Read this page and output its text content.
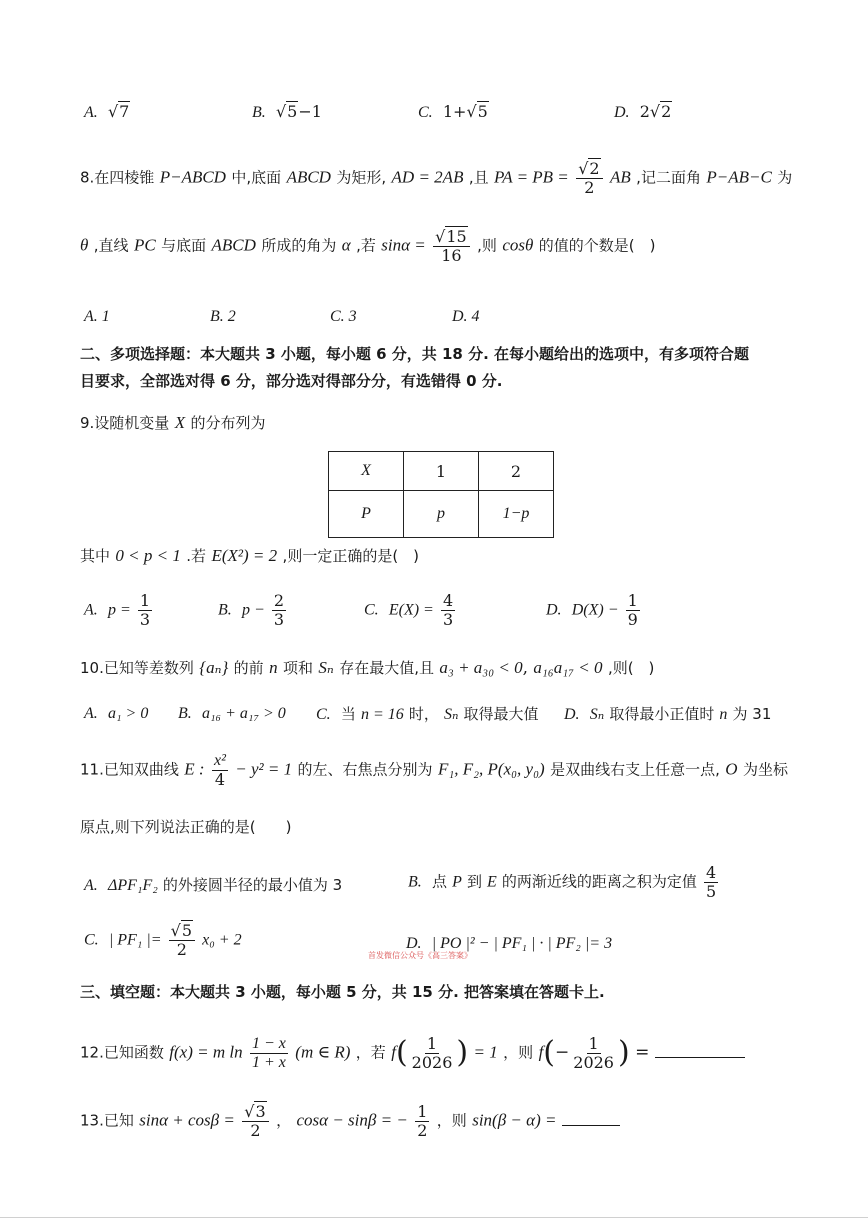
A. √7	B. √5−1	C. 1+√5	D. 2√2
8.在四棱锥 P−ABCD 中,底面 ABCD 为矩形, AD = 2AB ,且 PA = PB = $\frac{√2}{2}$ AB ,记二面角 P−AB−C 为
θ ,直线 PC 与底面 ABCD 所成的角为 α ,若 $\sin\alpha = \frac{√15}{16}$ ,则 cosθ 的值的个数是(　)
A. 1	B. 2	C. 3	D. 4
二、多项选择题：本大题共 3 小题，每小题 6 分，共 18 分. 在每小题给出的选项中，有多项符合题
目要求，全部选对得 6 分，部分选对得部分分，有选错得 0 分.
9.设随机变量 X 的分布列为
X	1	2
P	p	1−p
其中 0 < p < 1 .若 E(X²) = 2 ,则一定正确的是(　)
A. $p = \frac{1}{3}$	B. $p - \frac{2}{3}$	C. $E(X) = \frac{4}{3}$	D. $D(X) - \frac{1}{9}$
10.已知等差数列 {aₙ} 的前 n 项和 Sₙ 存在最大值,且 a₃ + a₃₀ < 0, a₁₆a₁₇ < 0 ,则(　)
A. a₁ > 0 B. a₁₆ + a₁₇ > 0 C. 当 n = 16 时， Sₙ 取得最大值 D. Sₙ 取得最小正值时 n 为 31
11.已知双曲线 E : $\frac{\text{x²}}{4} - y^2 = 1$ 的左、右焦点分别为 F₁, F₂, P(x₀, y₀) 是双曲线右支上任意一点, O 为坐标
原点,则下列说法正确的是(　　)
A. ΔPF₁F₂ 的外接圆半径的最小值为 3	B. 点 P 到 E 的两渐近线的距离之积为定值 $\frac{4}{5}$
C. | PF₁ |= $\frac{√5}{2} x_0 + 2$	D. | PO |² − | PF₁ | · | PF₂ |= 3
首发微信公众号《高三答案》
三、填空题：本大题共 3 小题，每小题 5 分，共 15 分. 把答案填在答题卡上.
12.已知函数 f(x) = m $\ln \frac{1 - x}{1 + x} (m$ ∈ R) ，若 $f( \frac{1}{2026}$ ) = 1 ，则 $f(- \frac{1}{2026}$ ) =
13.已知 $\sin\alpha + \cos\beta = \frac{√3}{2}$ ， cosα − sinβ = − $\frac{1}{2}$ ，则 sin(β − α) =
